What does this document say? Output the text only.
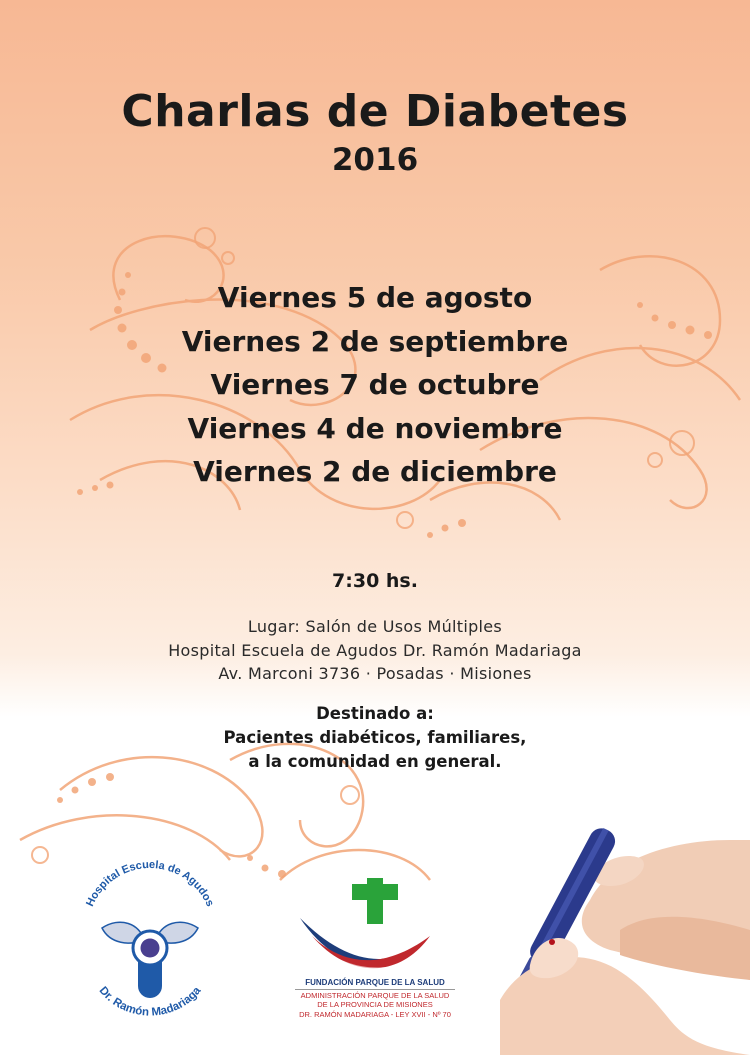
Charlas de Diabetes
2016
Viernes 5 de agosto
Viernes 2 de septiembre
Viernes 7 de octubre
Viernes 4 de noviembre
Viernes 2 de diciembre
7:30 hs.
Lugar: Salón de Usos Múltiples
Hospital Escuela de Agudos Dr. Ramón Madariaga
Av. Marconi 3736 · Posadas · Misiones
Destinado a:
Pacientes diabéticos, familiares,
a la comunidad en general.
Hospital Escuela de Agudos
Dr. Ramón Madariaga
FUNDACIÓN PARQUE DE LA SALUD
ADMINISTRACIÓN PARQUE DE LA SALUD
DE LA PROVINCIA DE MISIONES
DR. RAMÓN MADARIAGA - LEY XVII - Nº 70
